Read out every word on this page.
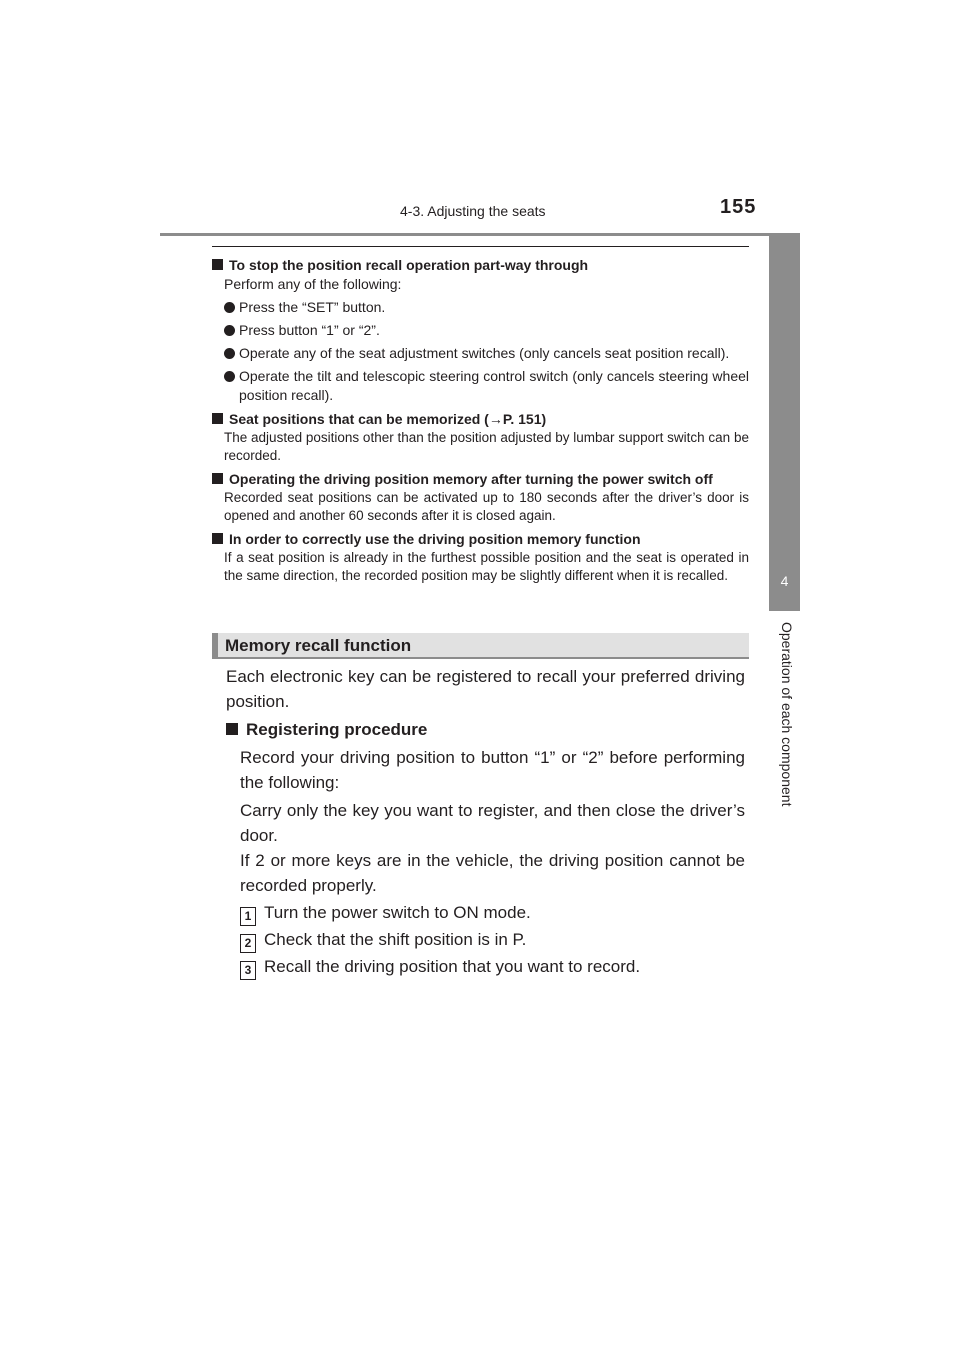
4-3. Adjusting the seats	155
4
Operation of each component
To stop the position recall operation part-way through
Perform any of the following:
Press the “SET” button.
Press button “1” or “2”.
Operate any of the seat adjustment switches (only cancels seat position recall).
Operate the tilt and telescopic steering control switch (only cancels steering wheel position recall).
Seat positions that can be memorized (→P. 151)
The adjusted positions other than the position adjusted by lumbar support switch can be recorded.
Operating the driving position memory after turning the power switch off
Recorded seat positions can be activated up to 180 seconds after the driver’s door is opened and another 60 seconds after it is closed again.
In order to correctly use the driving position memory function
If a seat position is already in the furthest possible position and the seat is operated in the same direction, the recorded position may be slightly different when it is recalled.
Memory recall function

Each electronic key can be registered to recall your preferred driving position.

Registering procedure

Record your driving position to button “1” or “2” before performing the following:

Carry only the key you want to register, and then close the driver’s door.

If 2 or more keys are in the vehicle, the driving position cannot be recorded properly.

1 Turn the power switch to ON mode.
2 Check that the shift position is in P.
3 Recall the driving position that you want to record.
